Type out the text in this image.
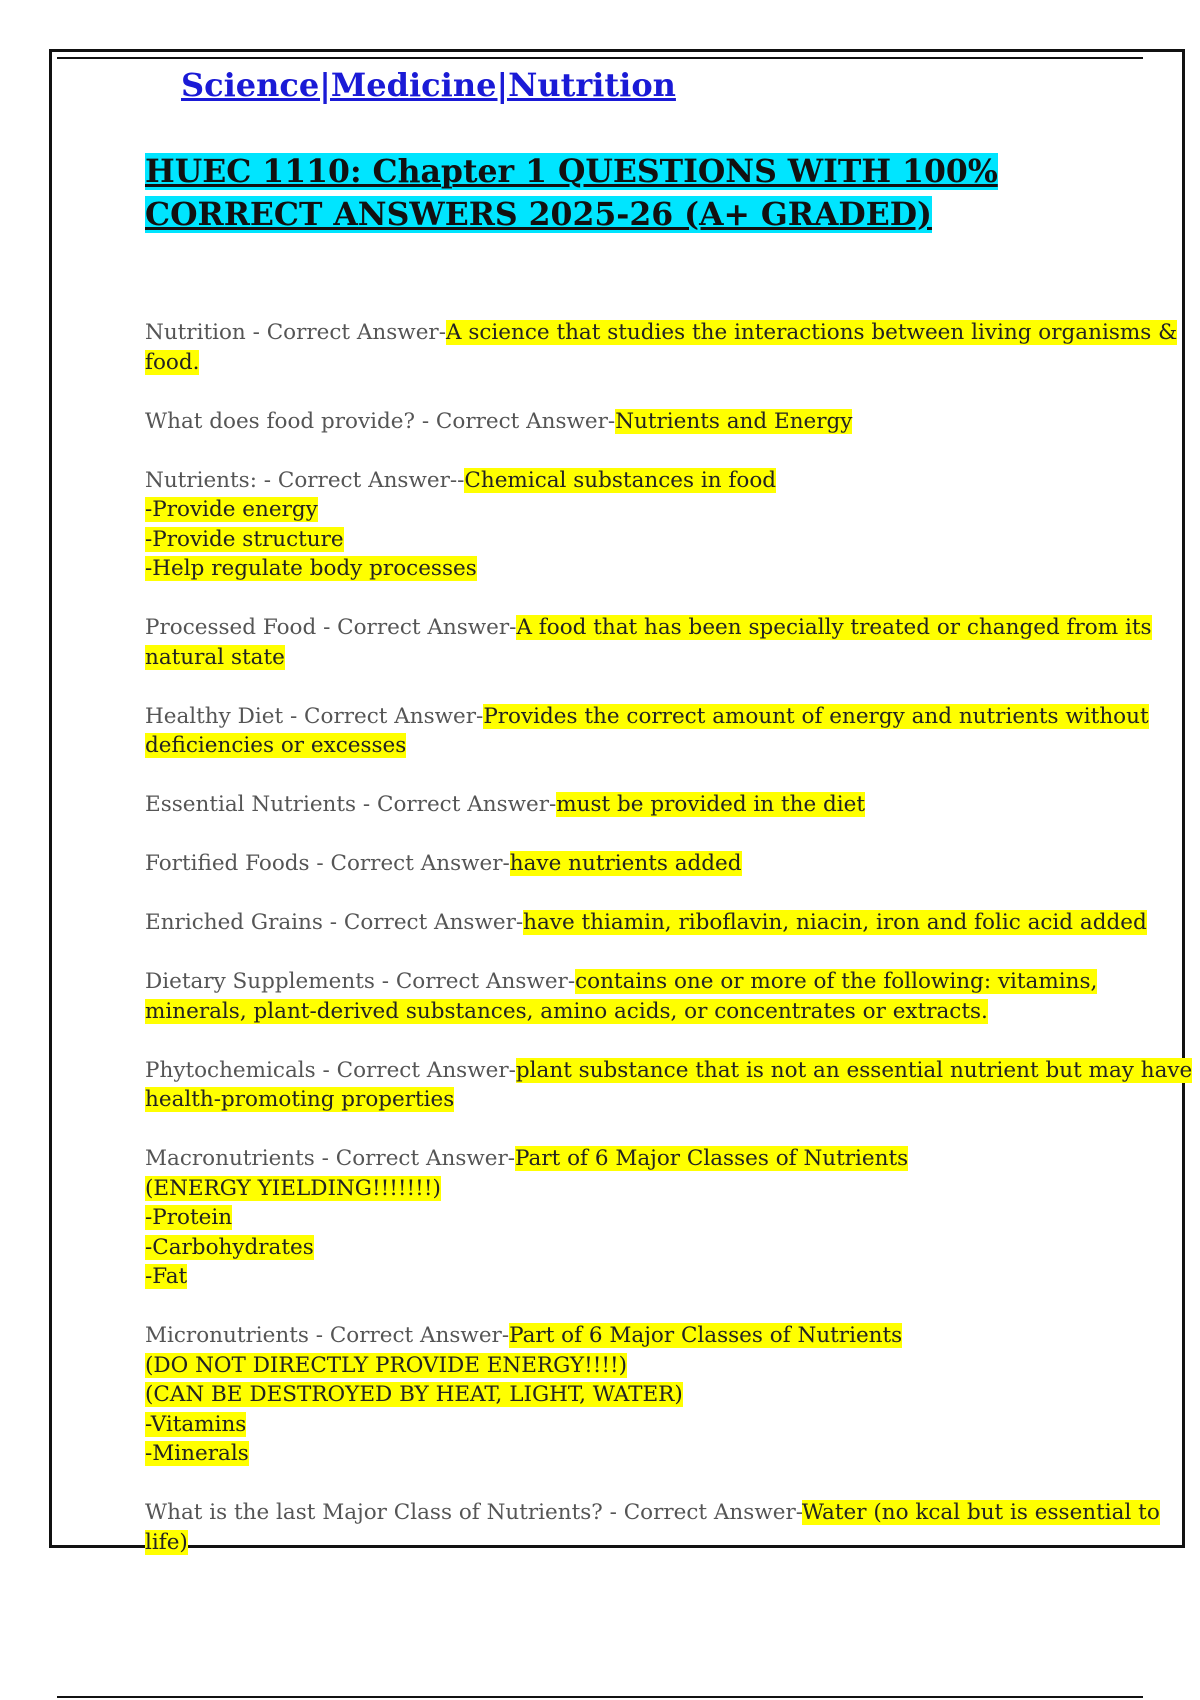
Science|Medicine|Nutrition
HUEC 1110: Chapter 1 QUESTIONS WITH 100% CORRECT ANSWERS 2025-26 (A+ GRADED)
Nutrition - Correct Answer-A science that studies the interactions between living organisms & food.
What does food provide? - Correct Answer-Nutrients and Energy
Nutrients: - Correct Answer--Chemical substances in food
-Provide energy
-Provide structure
-Help regulate body processes
Processed Food - Correct Answer-A food that has been specially treated or changed from its natural state
Healthy Diet - Correct Answer-Provides the correct amount of energy and nutrients without deficiencies or excesses
Essential Nutrients - Correct Answer-must be provided in the diet
Fortified Foods - Correct Answer-have nutrients added
Enriched Grains - Correct Answer-have thiamin, riboflavin, niacin, iron and folic acid added
Dietary Supplements - Correct Answer-contains one or more of the following: vitamins, minerals, plant-derived substances, amino acids, or concentrates or extracts.
Phytochemicals - Correct Answer-plant substance that is not an essential nutrient but may have health-promoting properties
Macronutrients - Correct Answer-Part of 6 Major Classes of Nutrients
(ENERGY YIELDING!!!!!!!)
-Protein
-Carbohydrates
-Fat
Micronutrients - Correct Answer-Part of 6 Major Classes of Nutrients
(DO NOT DIRECTLY PROVIDE ENERGY!!!!)
(CAN BE DESTROYED BY HEAT, LIGHT, WATER)
-Vitamins
-Minerals
What is the last Major Class of Nutrients? - Correct Answer-Water (no kcal but is essential to life)
